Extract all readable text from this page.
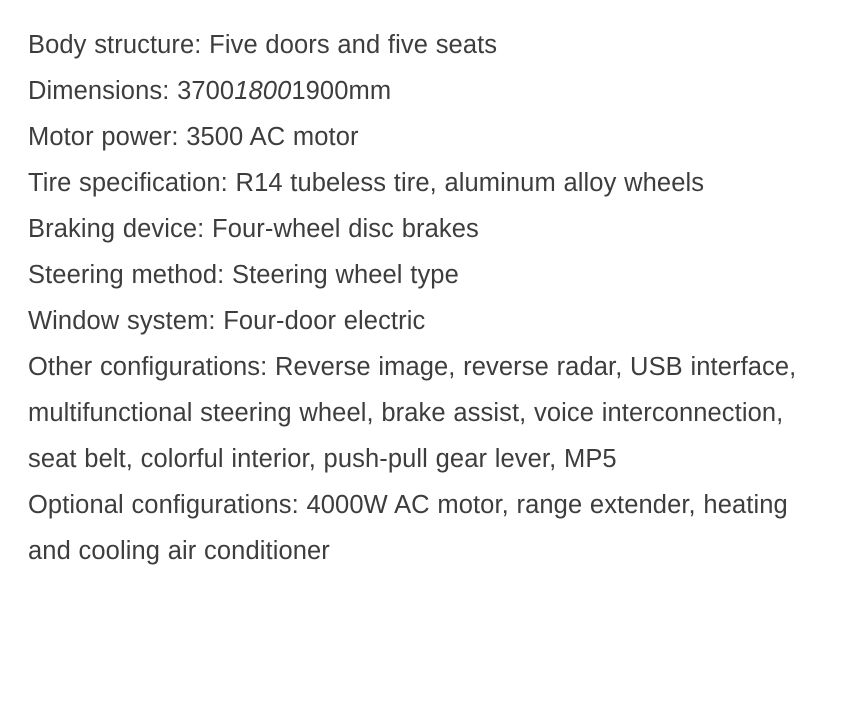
Body structure: Five doors and five seats
Dimensions: 370018001900mm
Motor power: 3500 AC motor
Tire specification: R14 tubeless tire, aluminum alloy wheels
Braking device: Four-wheel disc brakes
Steering method: Steering wheel type
Window system: Four-door electric
Other configurations: Reverse image, reverse radar, USB interface, multifunctional steering wheel, brake assist, voice interconnection, seat belt, colorful interior, push-pull gear lever, MP5
Optional configurations: 4000W AC motor, range extender, heating and cooling air conditioner
